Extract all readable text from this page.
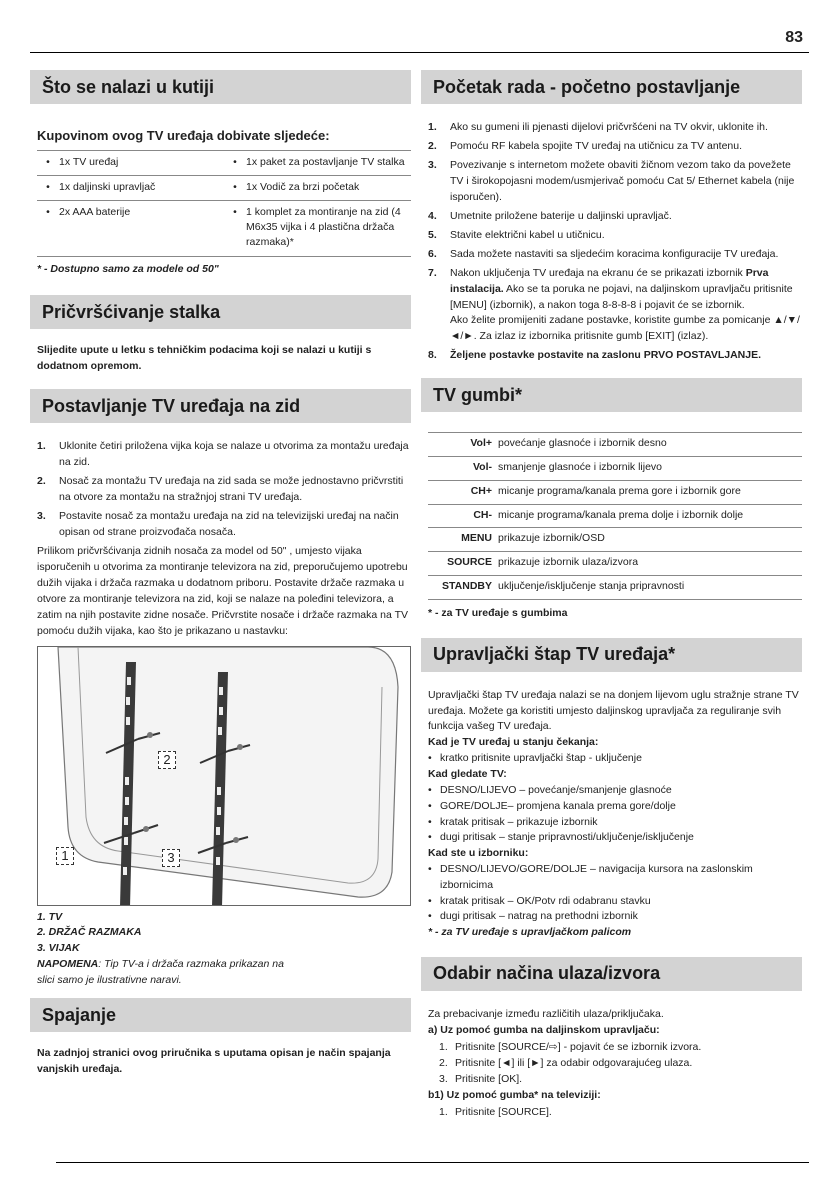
83
Što se nalazi u kutiji
Kupovinom ovog TV uređaja dobivate sljedeće:
• 1x TV uređaj	• 1x paket za postavljanje TV stalka

• 1x daljinski upravljač	• 1x Vodič za brzi početak

• 2x AAA baterije	• 1 komplet za montiranje na zid (4 M6x35 vijka i 4 plastična držača razmaka)*
* - Dostupno samo za modele od 50"
Pričvršćivanje stalka
Slijedite upute u letku s tehničkim podacima koji se nalazi u kutiji s dodatnom opremom.
Postavljanje TV uređaja na zid
1.	Uklonite četiri priložena vijka koja se nalaze u otvorima za montažu uređaja na zid.
2.	Nosač za montažu TV uređaja na zid sada se može jednostavno pričvrstiti na otvore za montažu na stražnjoj strani TV uređaja.
3.	Postavite nosač za montažu uređaja na zid na televizijski uređaj na način opisan od strane proizvođača nosača.
Prilikom pričvršćivanja zidnih nosača za model od 50" , umjesto vijaka isporučenih u otvorima za montiranje televizora na zid, preporučujemo upotrebu dužih vijaka i držača razmaka u dodatnom priboru. Postavite držače razmaka u otvore za montiranje televizora na zid, koji se nalaze na poleđini televizora, a zatim na njih postavite zidne nosače. Pričvrstite nosače i držače razmaka na TV pomoću dužih vijaka, kao što je prikazano u nastavku:
2
1	3
1. TV
2. DRŽAČ RAZMAKA
3. VIJAK
NAPOMENA: Tip TV-a i držača razmaka prikazan na slici samo je ilustrativne naravi.
Spajanje
Na zadnjoj stranici ovog priručnika s uputama opisan je način spajanja vanjskih uređaja.
Početak rada - početno postavljanje
1.	Ako su gumeni ili pjenasti dijelovi pričvršćeni na TV okvir, uklonite ih.
2.	Pomoću RF kabela spojite TV uređaj na utičnicu za TV antenu.
3.	Povezivanje s internetom možete obaviti žičnom vezom tako da povežete TV i širokopojasni modem/usmjerivač pomoću Cat 5/ Ethernet kabela (nije isporučen).
4.	Umetnite priložene baterije u daljinski upravljač.
5.	Stavite električni kabel u utičnicu.
6.	Sada možete nastaviti sa sljedećim koracima konfiguracije TV uređaja.
7.	Nakon uključenja TV uređaja na ekranu će se prikazati izbornik Prva instalacija. Ako se ta poruka ne pojavi, na daljinskom upravljaču pritisnite [MENU] (izbornik), a nakon toga 8-8-8-8 i pojavit će se izbornik.
Ako želite promijeniti zadane postavke, koristite gumbe za pomicanje ▲/▼/◄/►. Za izlaz iz izbornika pritisnite gumb [EXIT] (izlaz).
8.	Željene postavke postavite na zaslonu PRVO POSTAVLJANJE.
TV gumbi*
Vol+	povećanje glasnoće i izbornik desno
Vol-	smanjenje glasnoće i izbornik lijevo
CH+	micanje programa/kanala prema gore i izbornik gore
CH-	micanje programa/kanala prema dolje i izbornik dolje
MENU	prikazuje izbornik/OSD
SOURCE	prikazuje izbornik ulaza/izvora
STANDBY	uključenje/isključenje stanja pripravnosti
* - za TV uređaje s gumbima
Upravljački štap TV uređaja*
Upravljački štap TV uređaja nalazi se na donjem lijevom uglu stražnje strane TV uređaja. Možete ga koristiti umjesto daljinskog upravljača za reguliranje svih funkcija vašeg TV uređaja.
Kad je TV uređaj u stanju čekanja:
• kratko pritisnite upravljački štap - uključenje
Kad gledate TV:
• DESNO/LIJEVO – povećanje/smanjenje glasnoće
• GORE/DOLJE– promjena kanala prema gore/dolje
• kratak pritisak – prikazuje izbornik
• dugi pritisak – stanje pripravnosti/uključenje/isključenje
Kad ste u izborniku:
• DESNO/LIJEVO/GORE/DOLJE – navigacija kursora na zaslonskim izbornicima
• kratak pritisak – OK/Potv rdi odabranu stavku
• dugi pritisak – natrag na prethodni izbornik
* - za TV uređaje s upravljačkom palicom
Odabir načina ulaza/izvora
Za prebacivanje između različitih ulaza/priključaka.
a) Uz pomoć gumba na daljinskom upravljaču:
1. Pritisnite [SOURCE/⇨] - pojavit će se izbornik izvora.
2. Pritisnite [◄] ili [►] za odabir odgovarajućeg ulaza.
3. Pritisnite [OK].
b1) Uz pomoć gumba* na televiziji:
1. Pritisnite [SOURCE].
